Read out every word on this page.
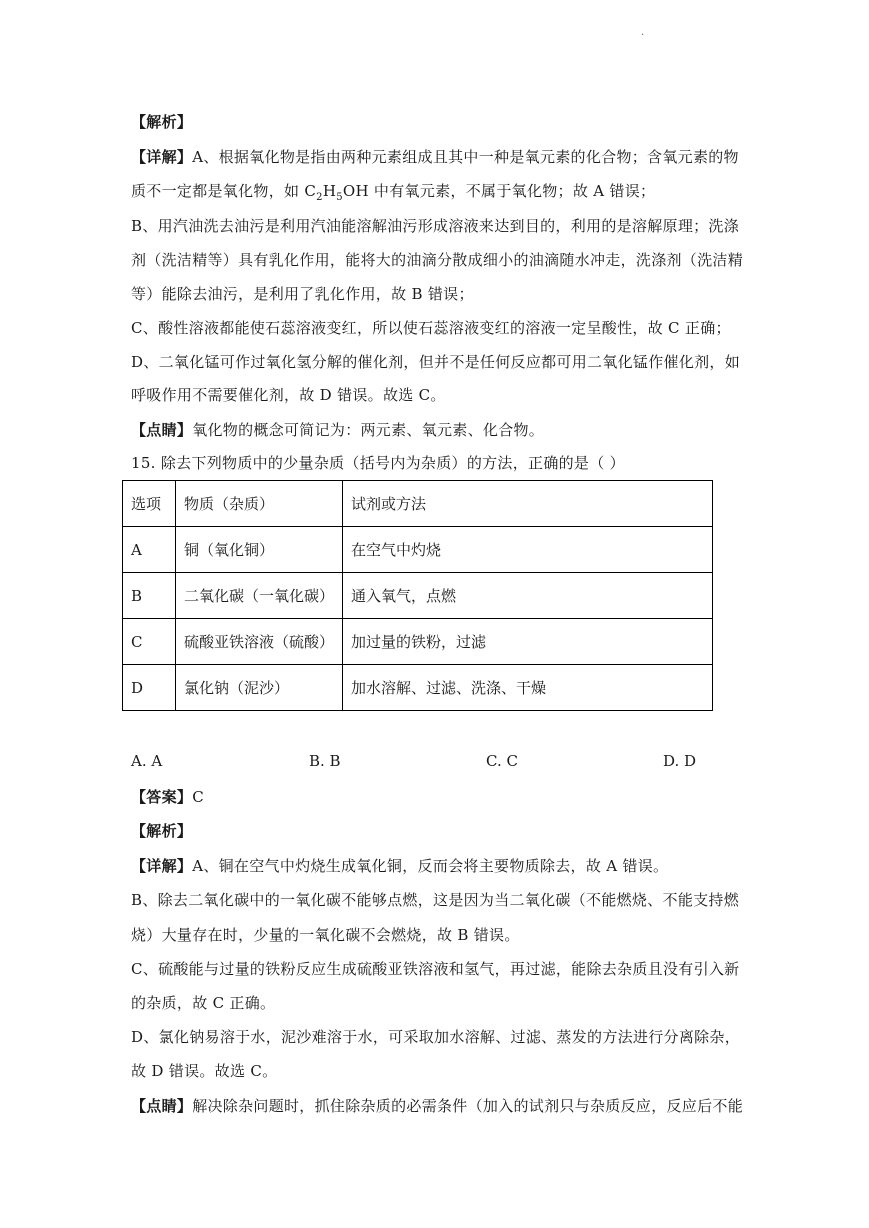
·
【解析】
【详解】A、根据氧化物是指由两种元素组成且其中一种是氧元素的化合物；含氧元素的物
质不一定都是氧化物，如 $C_2H_5OH$ 中有氧元素，不属于氧化物；故 A 错误；
B、用汽油洗去油污是利用汽油能溶解油污形成溶液来达到目的，利用的是溶解原理；洗涤
剂（洗洁精等）具有乳化作用，能将大的油滴分散成细小的油滴随水冲走，洗涤剂（洗洁精
等）能除去油污，是利用了乳化作用，故 B 错误；
C、酸性溶液都能使石蕊溶液变红，所以使石蕊溶液变红的溶液一定呈酸性，故 C 正确；
D、二氧化锰可作过氧化氢分解的催化剂，但并不是任何反应都可用二氧化锰作催化剂，如
呼吸作用不需要催化剂，故 D 错误。故选 C。
【点睛】氧化物的概念可简记为：两元素、氧元素、化合物。
15. 除去下列物质中的少量杂质（括号内为杂质）的方法，正确的是（ ）
选项	物质（杂质）	试剂或方法
A	铜（氧化铜）	在空气中灼烧
B	二氧化碳（一氧化碳）	通入氧气，点燃
C	硫酸亚铁溶液（硫酸）	加过量的铁粉，过滤
D	氯化钠（泥沙）	加水溶解、过滤、洗涤、干燥
A. A	B. B	C. C	D. D
【答案】C
【解析】
【详解】A、铜在空气中灼烧生成氧化铜，反而会将主要物质除去，故 A 错误。
B、除去二氧化碳中的一氧化碳不能够点燃，这是因为当二氧化碳（不能燃烧、不能支持燃
烧）大量存在时，少量的一氧化碳不会燃烧，故 B 错误。
C、硫酸能与过量的铁粉反应生成硫酸亚铁溶液和氢气，再过滤，能除去杂质且没有引入新
的杂质，故 C 正确。
D、氯化钠易溶于水，泥沙难溶于水，可采取加水溶解、过滤、蒸发的方法进行分离除杂，
故 D 错误。故选 C。
【点睛】解决除杂问题时，抓住除杂质的必需条件（加入的试剂只与杂质反应，反应后不能
